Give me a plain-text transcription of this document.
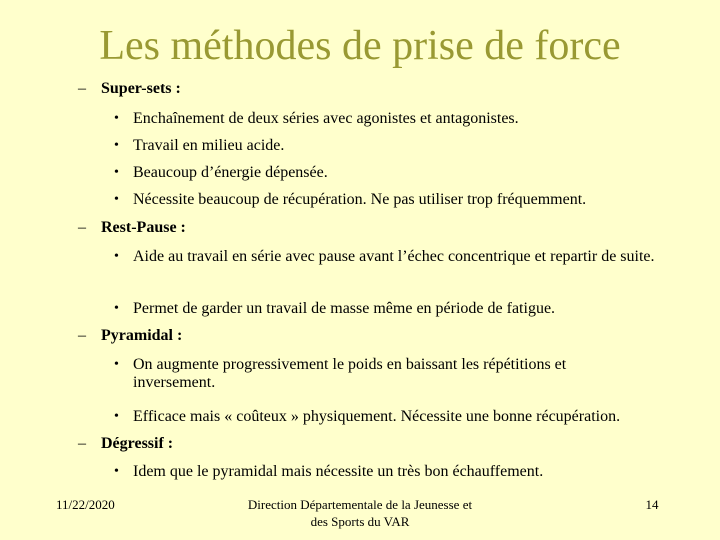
Les méthodes de prise de force
– Super-sets :
• Enchaînement de deux séries avec agonistes et antagonistes.
• Travail en milieu acide.
• Beaucoup d’énergie dépensée.
• Nécessite beaucoup de récupération. Ne pas utiliser trop fréquemment.
– Rest-Pause :
• Aide au travail en série avec pause avant l’échec concentrique et repartir de suite.
• Permet de garder un travail de masse même en période de fatigue.
– Pyramidal :
• On augmente progressivement le poids en baissant les répétitions et inversement.
• Efficace mais « coûteux » physiquement. Nécessite une bonne récupération.
– Dégressif :
• Idem que le pyramidal mais nécessite un très bon échauffement.
11/22/2020	Direction Départementale de la Jeunesse et des Sports du VAR
14
